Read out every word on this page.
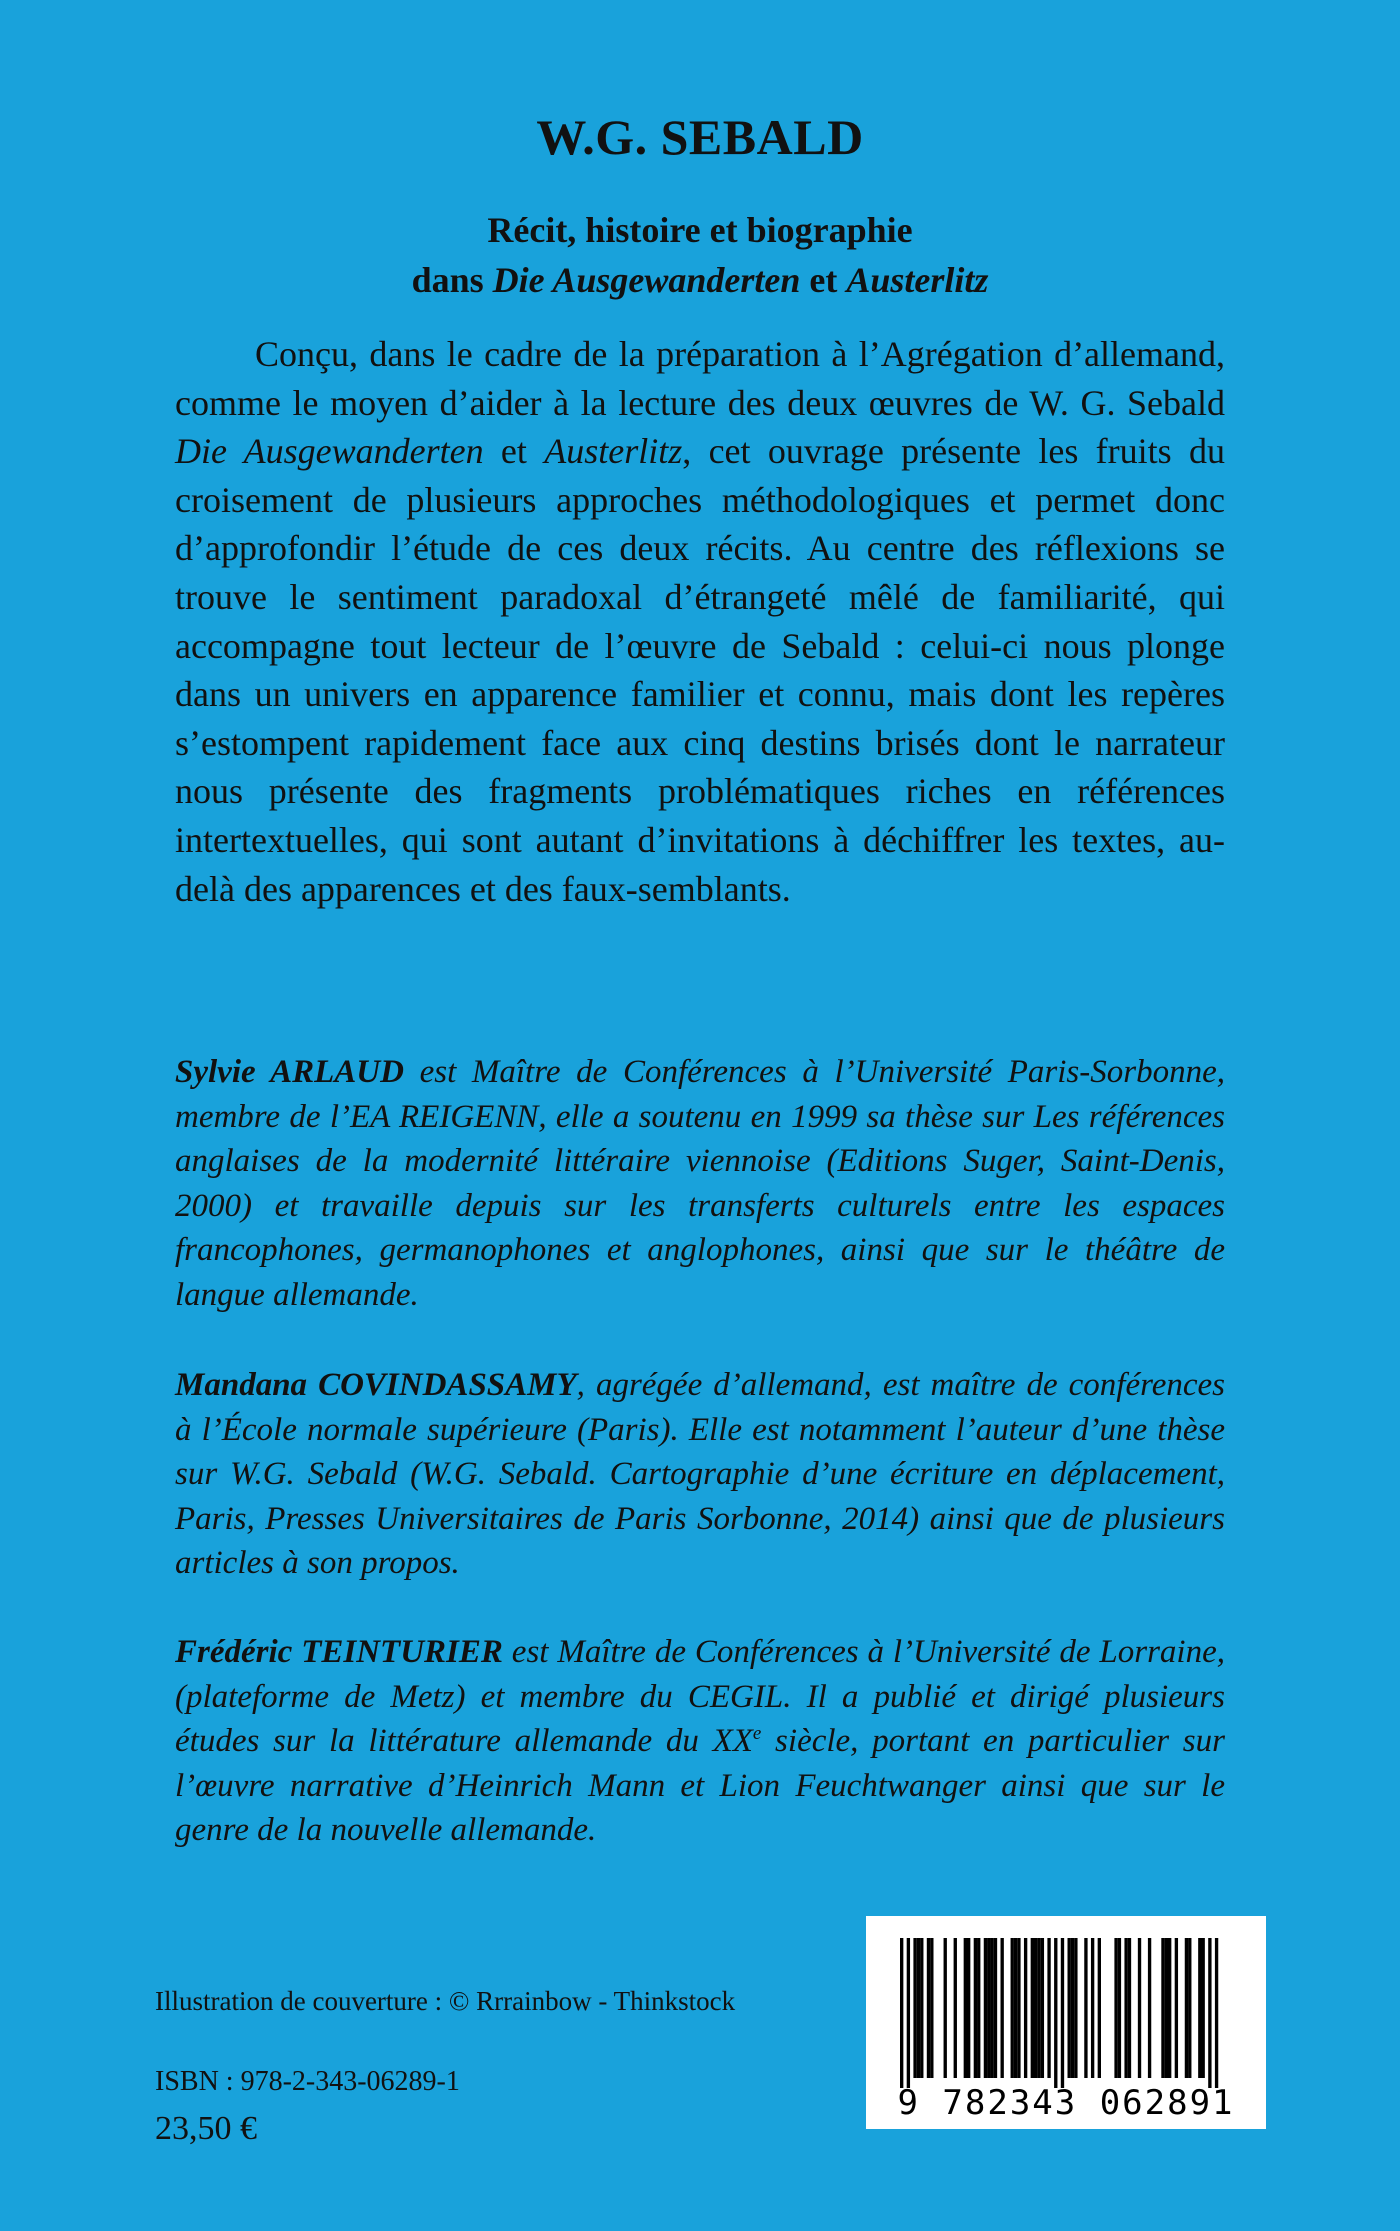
W.G. SEBALD
Récit, histoire et biographie
dans Die Ausgewanderten et Austerlitz

Conçu, dans le cadre de la préparation à l’Agrégation d’allemand, comme le moyen d’aider à la lecture des deux œuvres de W. G. Sebald Die Ausgewanderten et Austerlitz, cet ouvrage présente les fruits du croisement de plusieurs approches méthodologiques et permet donc d’approfondir l’étude de ces deux récits. Au centre des réflexions se trouve le sentiment paradoxal d’étrangeté mêlé de familiarité, qui accompagne tout lecteur de l’œuvre de Sebald : celui-ci nous plonge dans un univers en apparence familier et connu, mais dont les repères s’estompent rapidement face aux cinq destins brisés dont le narrateur nous présente des fragments problématiques riches en références intertextuelles, qui sont autant d’invitations à déchiffrer les textes, au-delà des apparences et des faux-semblants.

Sylvie ARLAUD est Maître de Conférences à l’Université Paris-Sorbonne, membre de l’EA REIGENN, elle a soutenu en 1999 sa thèse sur Les références anglaises de la modernité littéraire viennoise (Editions Suger, Saint-Denis, 2000) et travaille depuis sur les transferts culturels entre les espaces francophones, germanophones et anglophones, ainsi que sur le théâtre de langue allemande.

Mandana COVINDASSAMY, agrégée d’allemand, est maître de conférences à l’École normale supérieure (Paris). Elle est notamment l’auteur d’une thèse sur W.G. Sebald (W.G. Sebald. Cartographie d’une écriture en déplacement, Paris, Presses Universitaires de Paris Sorbonne, 2014) ainsi que de plusieurs articles à son propos.

Frédéric TEINTURIER est Maître de Conférences à l’Université de Lorraine, (plateforme de Metz) et membre du CEGIL. Il a publié et dirigé plusieurs études sur la littérature allemande du XXe siècle, portant en particulier sur l’œuvre narrative d’Heinrich Mann et Lion Feuchtwanger ainsi que sur le genre de la nouvelle allemande.

Illustration de couverture : © Rrrainbow - Thinkstock
ISBN : 978-2-343-06289-1
23,50 €
9 782343 062891
